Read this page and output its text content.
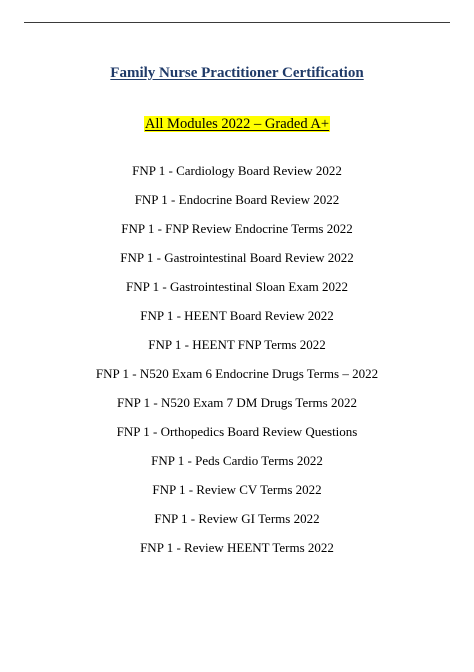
Family Nurse Practitioner Certification
All Modules 2022 – Graded A+
FNP 1 - Cardiology Board Review 2022
FNP 1 - Endocrine Board Review 2022
FNP 1 - FNP Review Endocrine Terms 2022
FNP 1 - Gastrointestinal Board Review 2022
FNP 1 - Gastrointestinal Sloan Exam 2022
FNP 1 - HEENT Board Review 2022
FNP 1 - HEENT FNP Terms 2022
FNP 1 - N520 Exam 6 Endocrine Drugs Terms – 2022
FNP 1 - N520 Exam 7 DM Drugs Terms 2022
FNP 1 - Orthopedics Board Review Questions
FNP 1 - Peds Cardio Terms 2022
FNP 1 - Review CV Terms 2022
FNP 1 - Review GI Terms 2022
FNP 1 - Review HEENT Terms 2022
